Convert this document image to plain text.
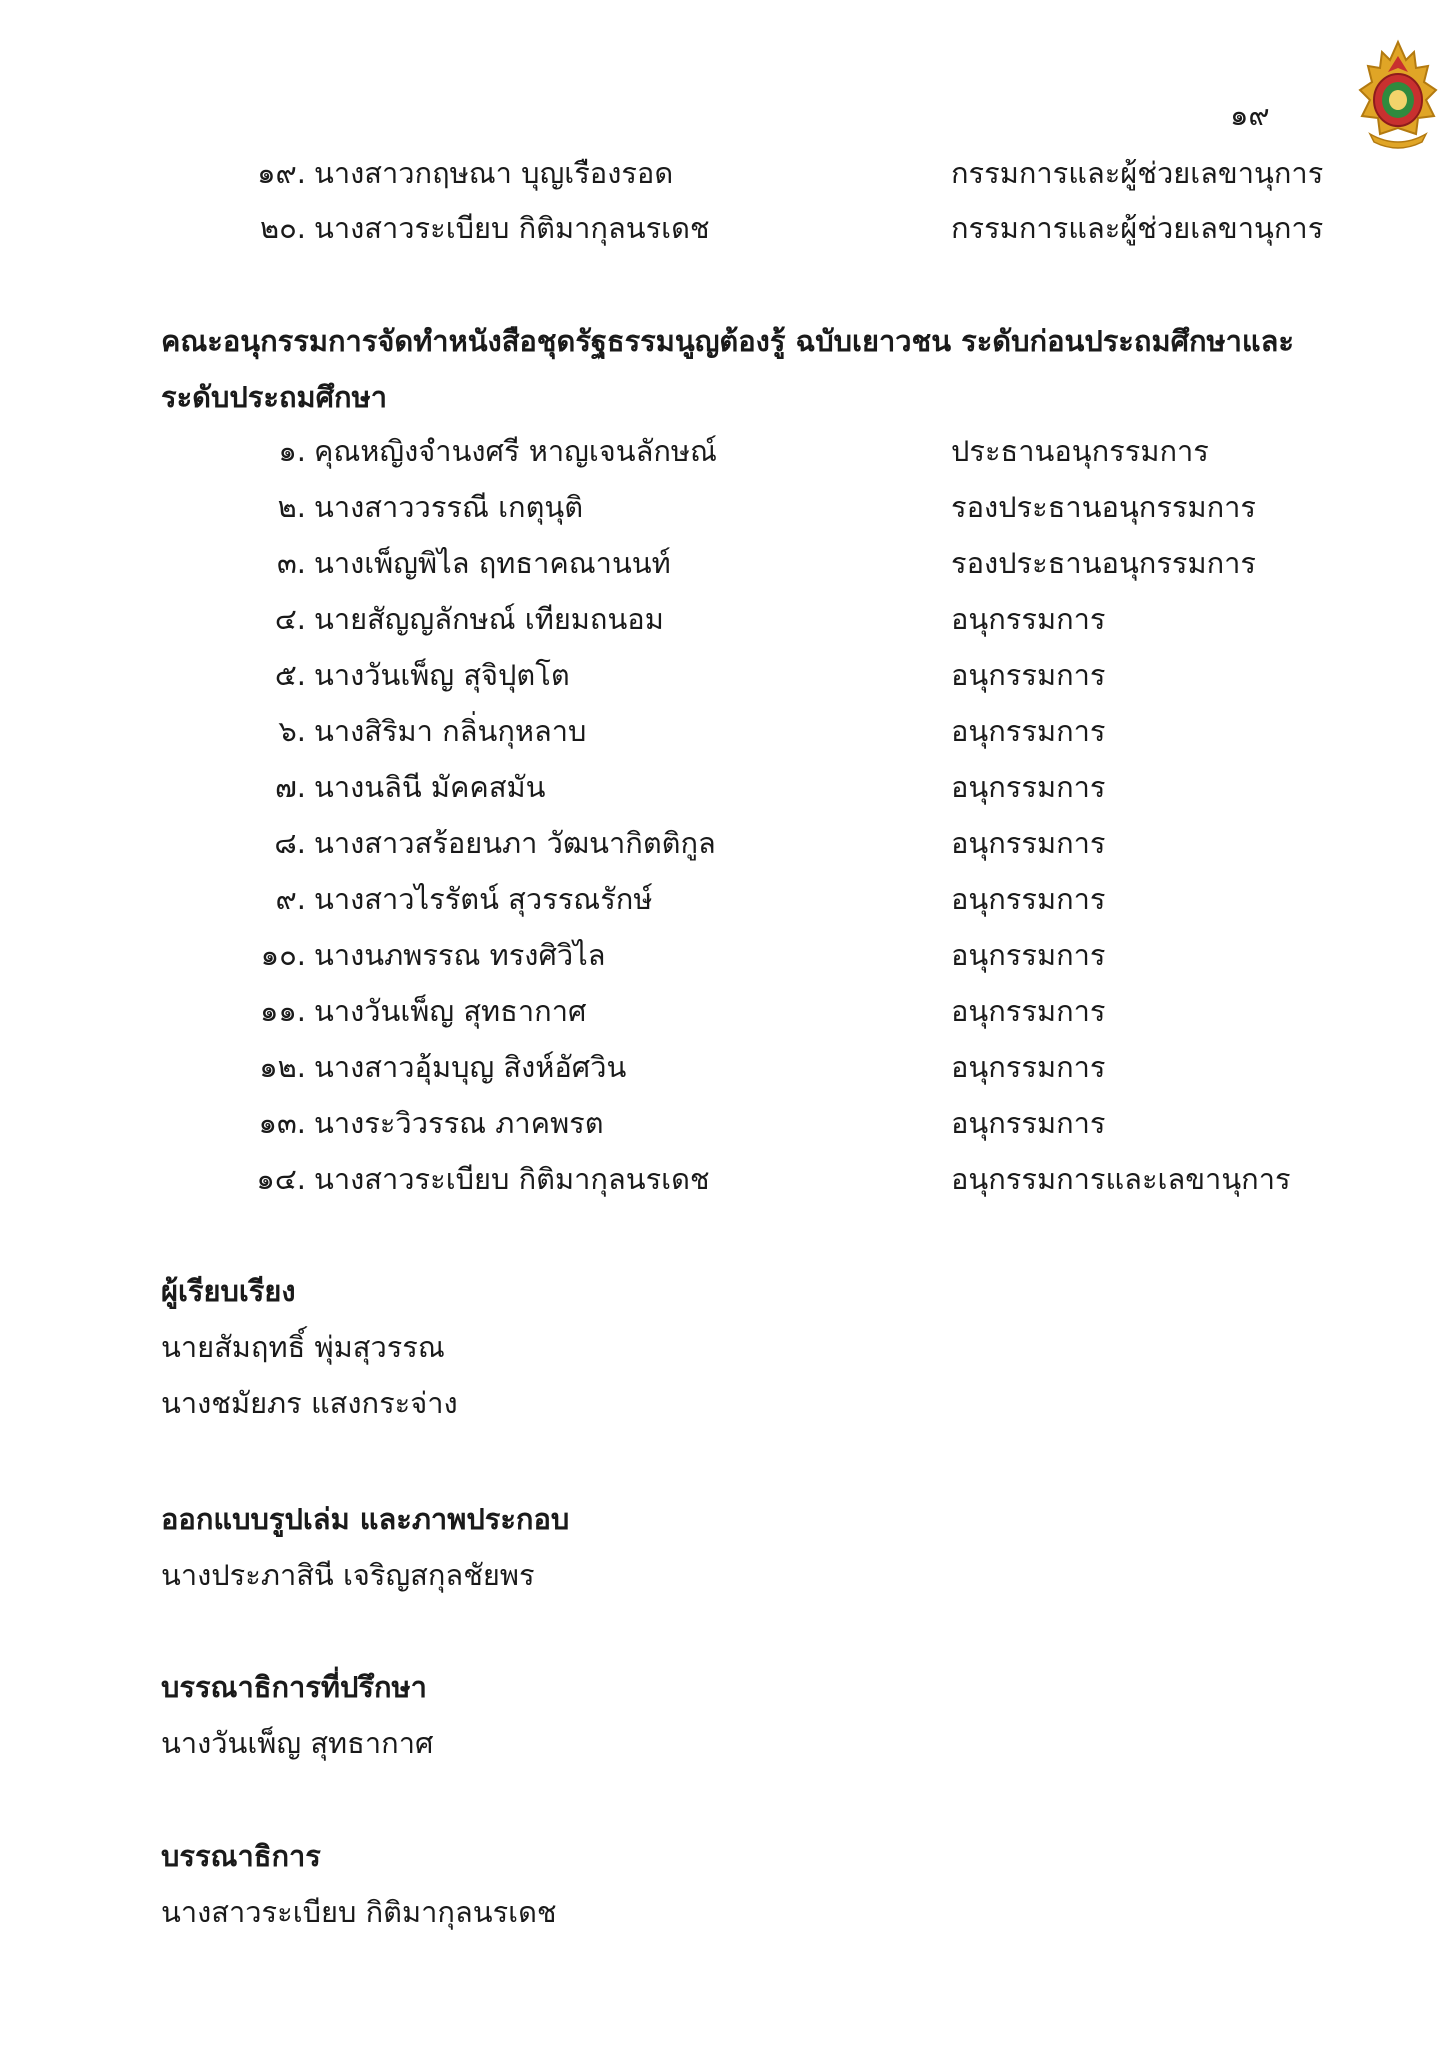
๑๙
๑๙. นางสาวกฤษณา บุญเรืองรอด	กรรมการและผู้ช่วยเลขานุการ
๒๐. นางสาวระเบียบ กิติมากุลนรเดช	กรรมการและผู้ช่วยเลขานุการ
คณะอนุกรรมการจัดทำหนังสือชุดรัฐธรรมนูญต้องรู้ ฉบับเยาวชน ระดับก่อนประถมศึกษาและ
ระดับประถมศึกษา
๑. คุณหญิงจำนงศรี หาญเจนลักษณ์	ประธานอนุกรรมการ
๒. นางสาววรรณี เกตุนุติ	รองประธานอนุกรรมการ
๓. นางเพ็ญพิไล ฤทธาคณานนท์	รองประธานอนุกรรมการ
๔. นายสัญญลักษณ์ เทียมถนอม	อนุกรรมการ
๕. นางวันเพ็ญ สุจิปุตโต	อนุกรรมการ
๖. นางสิริมา กลิ่นกุหลาบ	อนุกรรมการ
๗. นางนลินี มัคคสมัน	อนุกรรมการ
๘. นางสาวสร้อยนภา วัฒนากิตติกูล	อนุกรรมการ
๙. นางสาวไรรัตน์ สุวรรณรักษ์	อนุกรรมการ
๑๐. นางนภพรรณ ทรงศิวิไล	อนุกรรมการ
๑๑. นางวันเพ็ญ สุทธากาศ	อนุกรรมการ
๑๒. นางสาวอุ้มบุญ สิงห์อัศวิน	อนุกรรมการ
๑๓. นางระวิวรรณ ภาคพรต	อนุกรรมการ
๑๔. นางสาวระเบียบ กิติมากุลนรเดช	อนุกรรมการและเลขานุการ
ผู้เรียบเรียง
นายสัมฤทธิ์ พุ่มสุวรรณ
นางชมัยภร แสงกระจ่าง
ออกแบบรูปเล่ม และภาพประกอบ
นางประภาสินี เจริญสกุลชัยพร
บรรณาธิการที่ปรึกษา
นางวันเพ็ญ สุทธากาศ
บรรณาธิการ
นางสาวระเบียบ กิติมากุลนรเดช
